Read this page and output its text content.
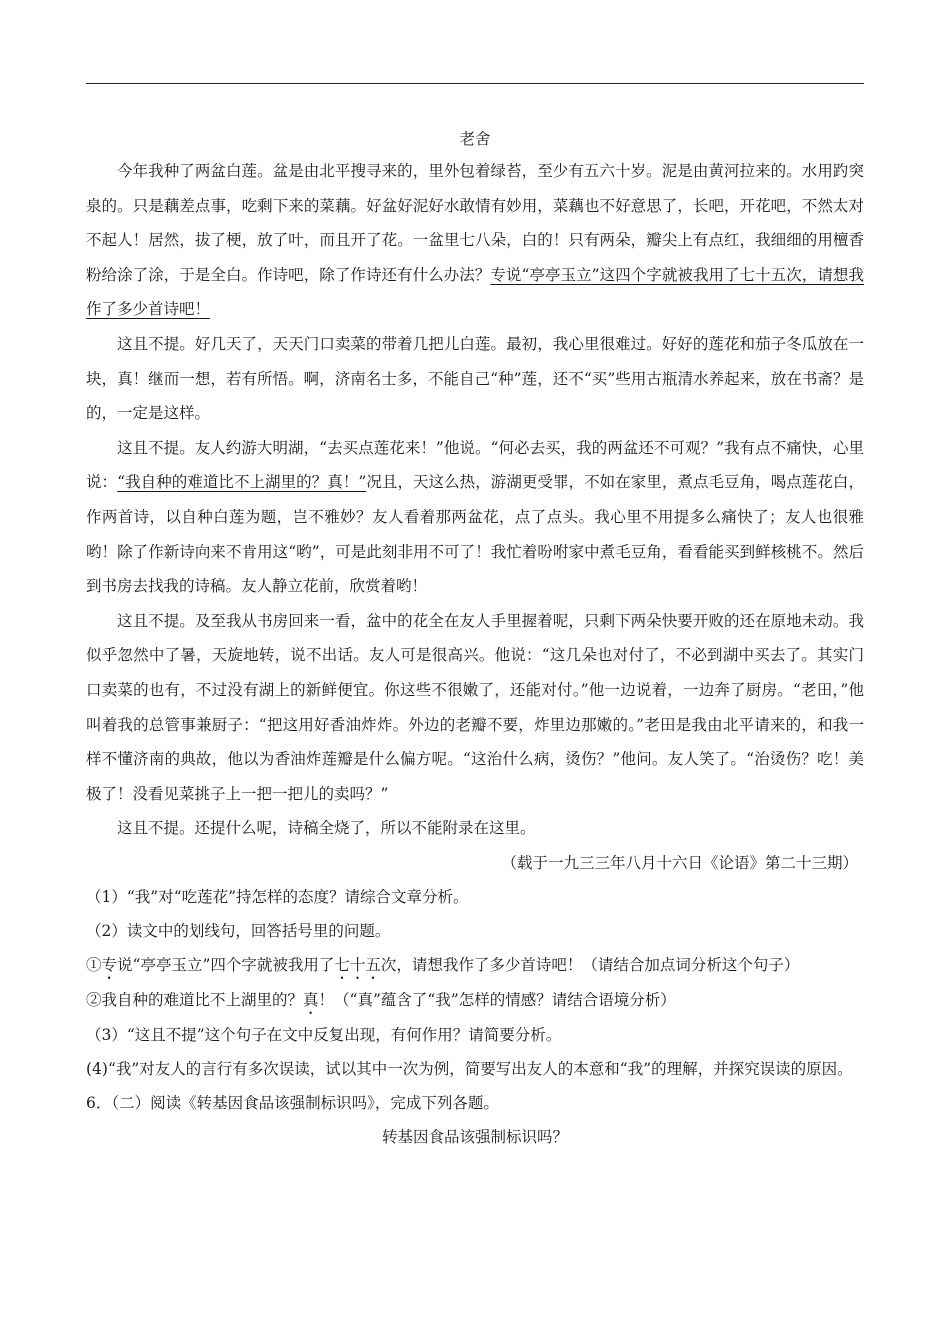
老舍

今年我种了两盆白莲。盆是由北平搜寻来的，里外包着绿苔，至少有五六十岁。泥是由黄河拉来的。水用趵突泉的。只是藕差点事，吃剩下来的菜藕。好盆好泥好水敢情有妙用，菜藕也不好意思了，长吧，开花吧，不然太对不起人！居然，拔了梗，放了叶，而且开了花。一盆里七八朵，白的！只有两朵，瓣尖上有点红，我细细的用檀香粉给涂了涂，于是全白。作诗吧，除了作诗还有什么办法？专说“亭亭玉立”这四个字就被我用了七十五次，请想我作了多少首诗吧！

这且不提。好几天了，天天门口卖菜的带着几把儿白莲。最初，我心里很难过。好好的莲花和茄子冬瓜放在一块，真！继而一想，若有所悟。啊，济南名士多，不能自己“种”莲，还不“买”些用古瓶清水养起来，放在书斋？是的，一定是这样。

这且不提。友人约游大明湖，“去买点莲花来！”他说。“何必去买，我的两盆还不可观？”我有点不痛快，心里说：“我自种的难道比不上湖里的？真！”况且，天这么热，游湖更受罪，不如在家里，煮点毛豆角，喝点莲花白，作两首诗，以自种白莲为题，岂不雅妙？友人看着那两盆花，点了点头。我心里不用提多么痛快了；友人也很雅哟！除了作新诗向来不肯用这“哟”，可是此刻非用不可了！我忙着吩咐家中煮毛豆角，看看能买到鲜核桃不。然后到书房去找我的诗稿。友人静立花前，欣赏着哟！

这且不提。及至我从书房回来一看，盆中的花全在友人手里握着呢，只剩下两朵快要开败的还在原地未动。我似乎忽然中了暑，天旋地转，说不出话。友人可是很高兴。他说：“这几朵也对付了，不必到湖中买去了。其实门口卖菜的也有，不过没有湖上的新鲜便宜。你这些不很嫩了，还能对付。”他一边说着，一边奔了厨房。“老田，”他叫着我的总管事兼厨子：“把这用好香油炸炸。外边的老瓣不要，炸里边那嫩的。”老田是我由北平请来的，和我一样不懂济南的典故，他以为香油炸莲瓣是什么偏方呢。“这治什么病，烫伤？”他问。友人笑了。“治烫伤？吃！美极了！没看见菜挑子上一把一把儿的卖吗？”

这且不提。还提什么呢，诗稿全烧了，所以不能附录在这里。

（载于一九三三年八月十六日《论语》第二十三期）

（1）“我”对“吃莲花”持怎样的态度？请综合文章分析。

（2）读文中的划线句，回答括号里的问题。

①专说“亭亭玉立”四个字就被我用了七十五次，请想我作了多少首诗吧！（请结合加点词分析这个句子）

②我自种的难道比不上湖里的？真！（“真”蕴含了“我”怎样的情感？请结合语境分析）

（3）“这且不提”这个句子在文中反复出现，有何作用？请简要分析。

(4)“我”对友人的言行有多次误读，试以其中一次为例，简要写出友人的本意和“我”的理解，并探究误读的原因。

6．（二）阅读《转基因食品该强制标识吗》，完成下列各题。

转基因食品该强制标识吗？
